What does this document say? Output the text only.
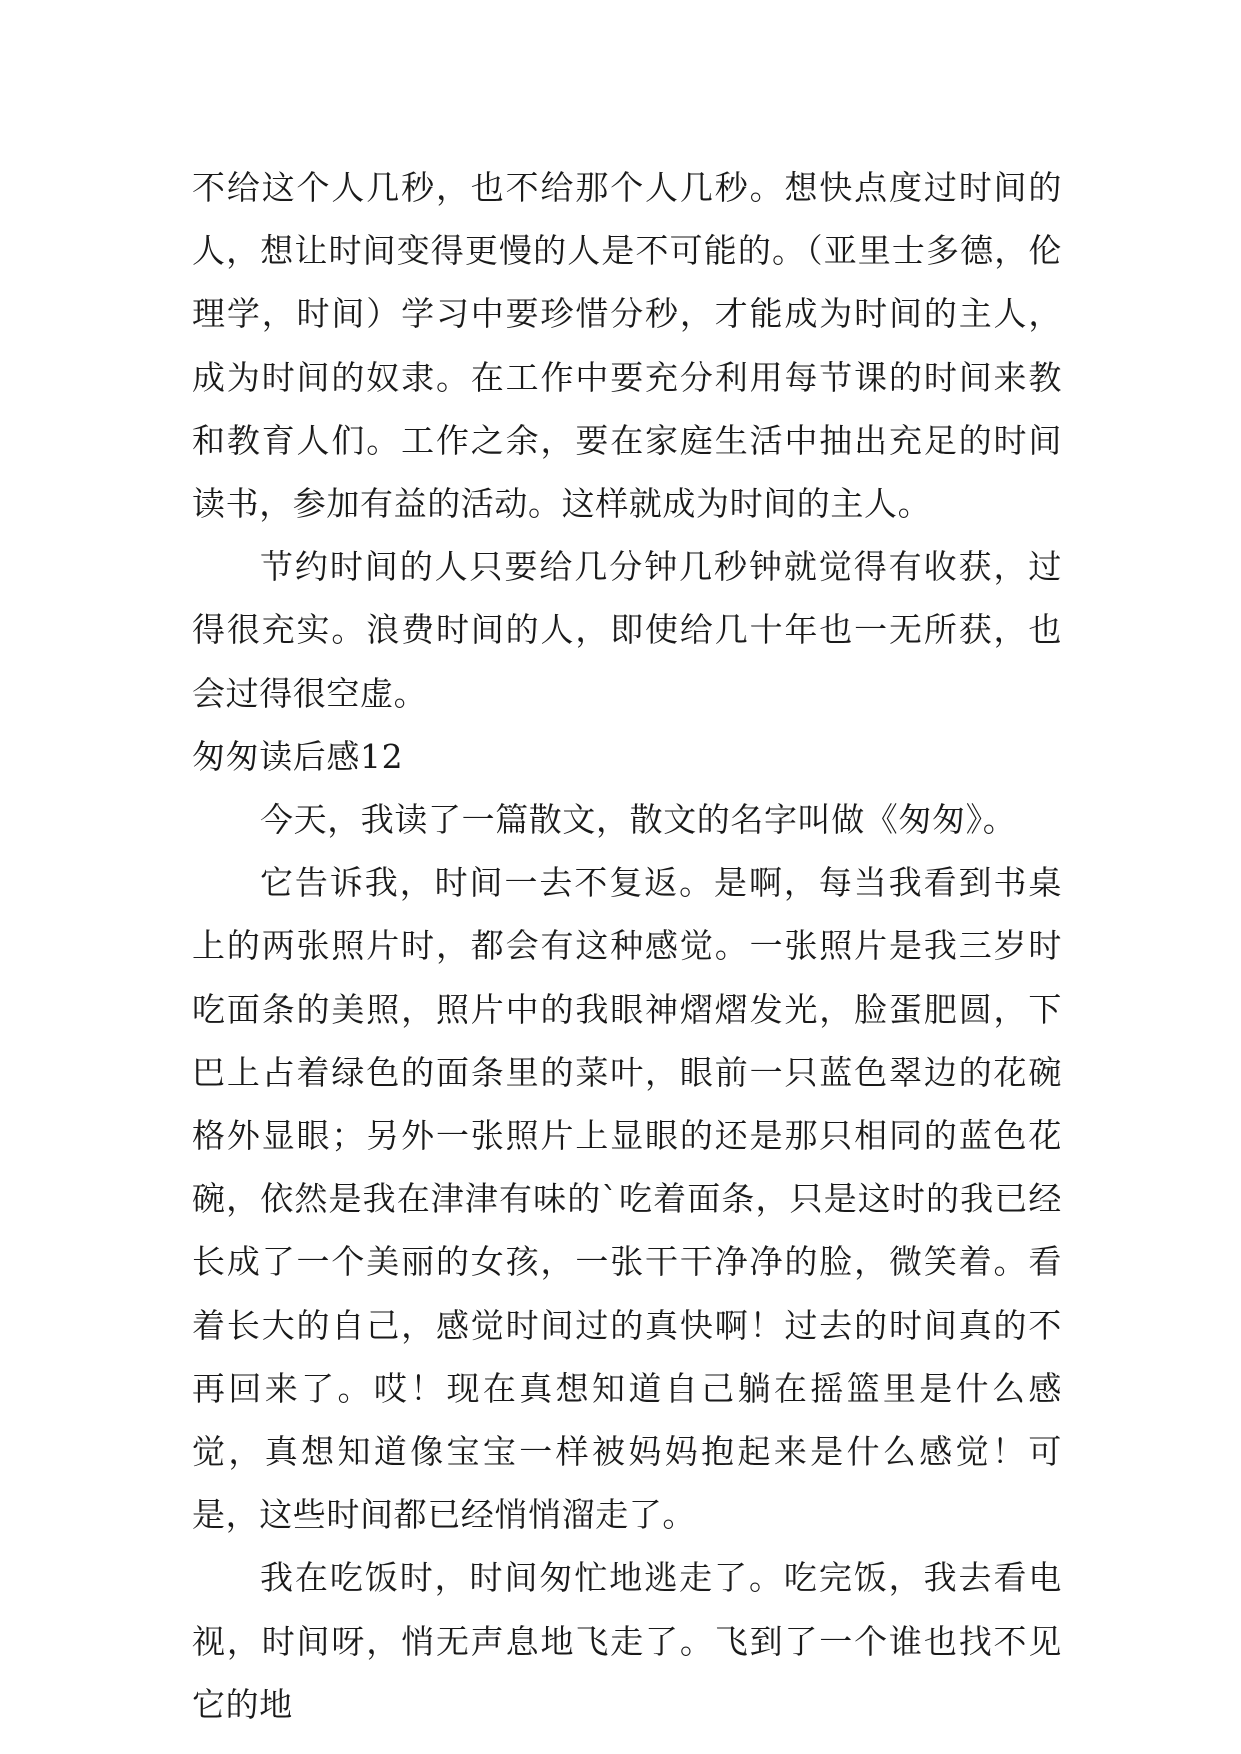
不给这个人几秒，也不给那个人几秒。想快点度过时间的人，想让时间变得更慢的人是不可能的。（亚里士多德，伦理学，时间）学习中要珍惜分秒，才能成为时间的主人，成为时间的奴隶。在工作中要充分利用每节课的时间来教和教育人们。工作之余，要在家庭生活中抽出充足的时间读书，参加有益的活动。这样就成为时间的主人。

节约时间的人只要给几分钟几秒钟就觉得有收获，过得很充实。浪费时间的人，即使给几十年也一无所获，也会过得很空虚。

匆匆读后感12

今天，我读了一篇散文，散文的名字叫做《匆匆》。

它告诉我，时间一去不复返。是啊，每当我看到书桌上的两张照片时，都会有这种感觉。一张照片是我三岁时吃面条的美照，照片中的我眼神熠熠发光，脸蛋肥圆，下巴上占着绿色的面条里的菜叶，眼前一只蓝色翠边的花碗格外显眼；另外一张照片上显眼的还是那只相同的蓝色花碗，依然是我在津津有味的`吃着面条，只是这时的我已经长成了一个美丽的女孩，一张干干净净的脸，微笑着。看着长大的自己，感觉时间过的真快啊！过去的时间真的不再回来了。哎！现在真想知道自己躺在摇篮里是什么感觉，真想知道像宝宝一样被妈妈抱起来是什么感觉！可是，这些时间都已经悄悄溜走了。

我在吃饭时，时间匆忙地逃走了。吃完饭，我去看电视，时间呀，悄无声息地飞走了。飞到了一个谁也找不见它的地
